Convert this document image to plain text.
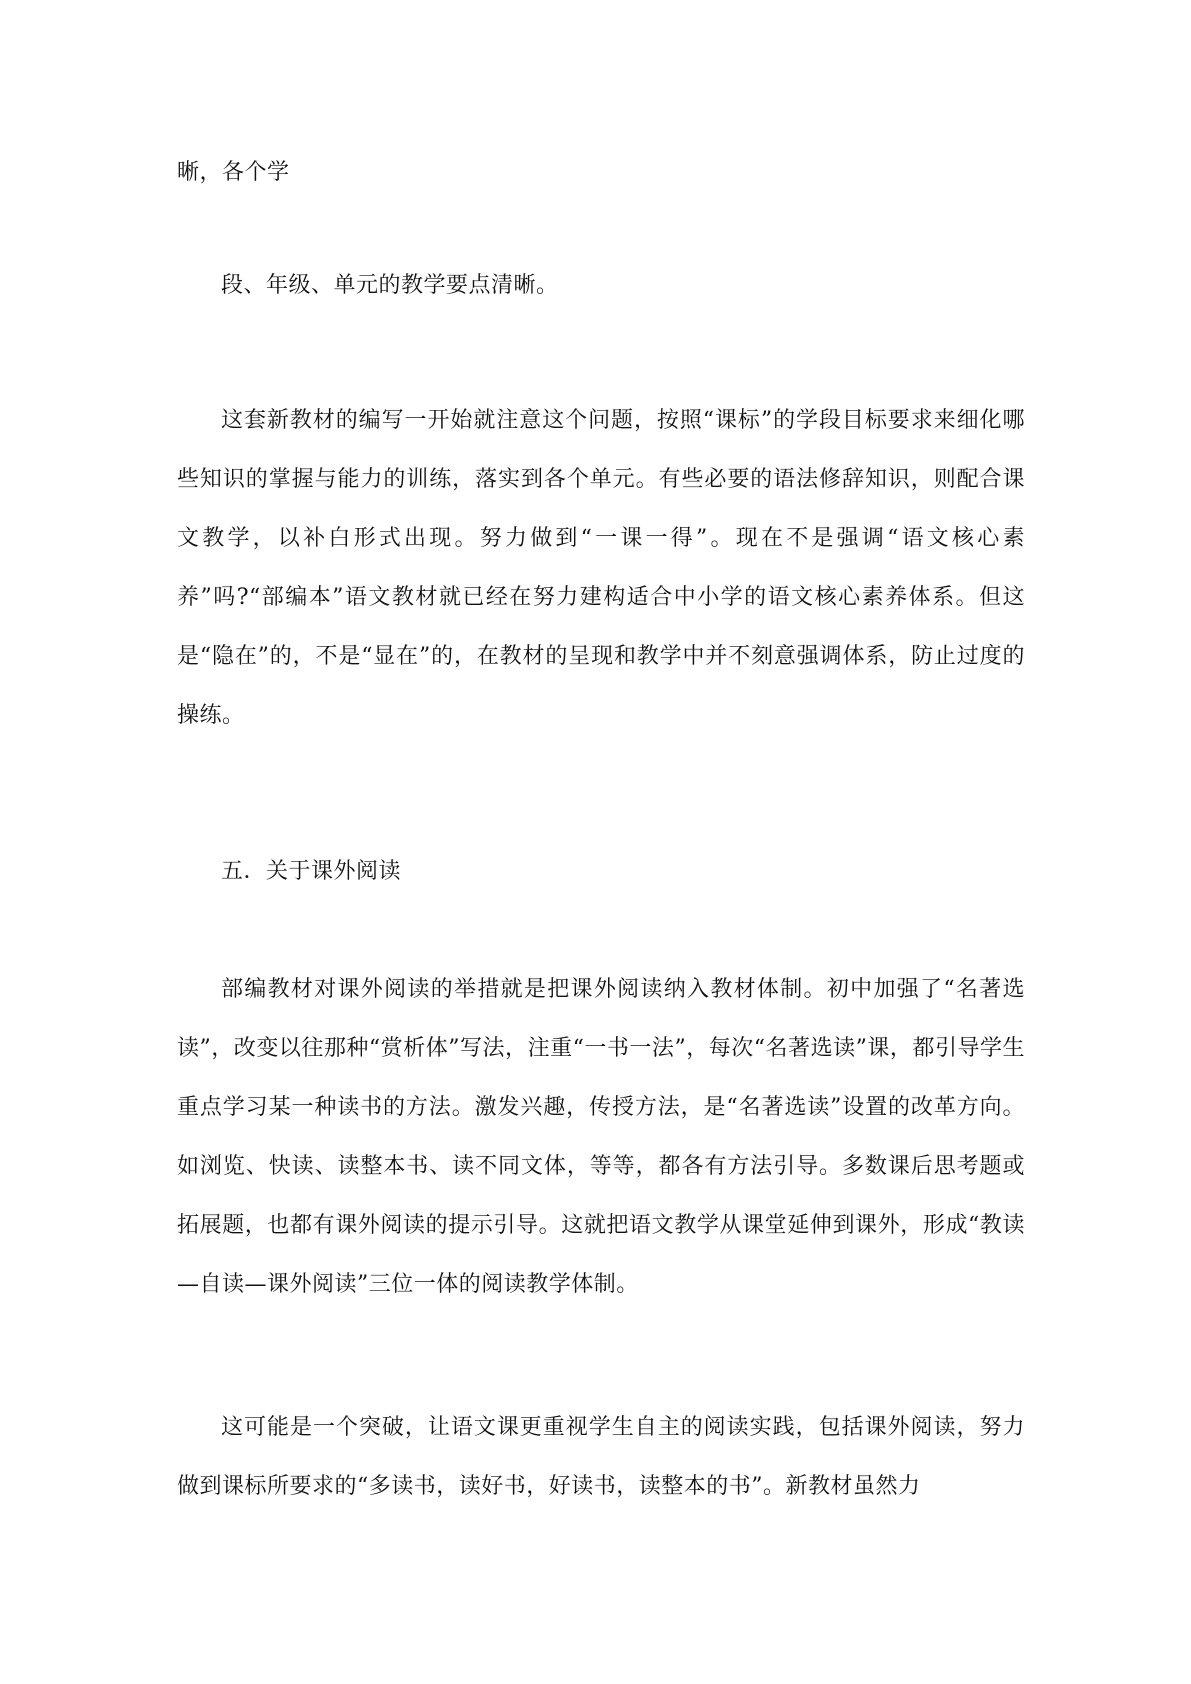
晰，各个学

段、年级、单元的教学要点清晰。

这套新教材的编写一开始就注意这个问题，按照“课标”的学段目标要求来细化哪些知识的掌握与能力的训练，落实到各个单元。有些必要的语法修辞知识，则配合课文教学，以补白形式出现。努力做到“一课一得”。现在不是强调“语文核心素养”吗?“部编本”语文教材就已经在努力建构适合中小学的语文核心素养体系。但这是“隐在”的，不是“显在”的，在教材的呈现和教学中并不刻意强调体系，防止过度的操练。

五．关于课外阅读

部编教材对课外阅读的举措就是把课外阅读纳入教材体制。初中加强了“名著选读”，改变以往那种“赏析体”写法，注重“一书一法”，每次“名著选读”课，都引导学生重点学习某一种读书的方法。激发兴趣，传授方法，是“名著选读”设置的改革方向。如浏览、快读、读整本书、读不同文体，等等，都各有方法引导。多数课后思考题或拓展题，也都有课外阅读的提示引导。这就把语文教学从课堂延伸到课外，形成“教读—自读—课外阅读”三位一体的阅读教学体制。

这可能是一个突破，让语文课更重视学生自主的阅读实践，包括课外阅读，努力做到课标所要求的“多读书，读好书，好读书，读整本的书”。新教材虽然力
